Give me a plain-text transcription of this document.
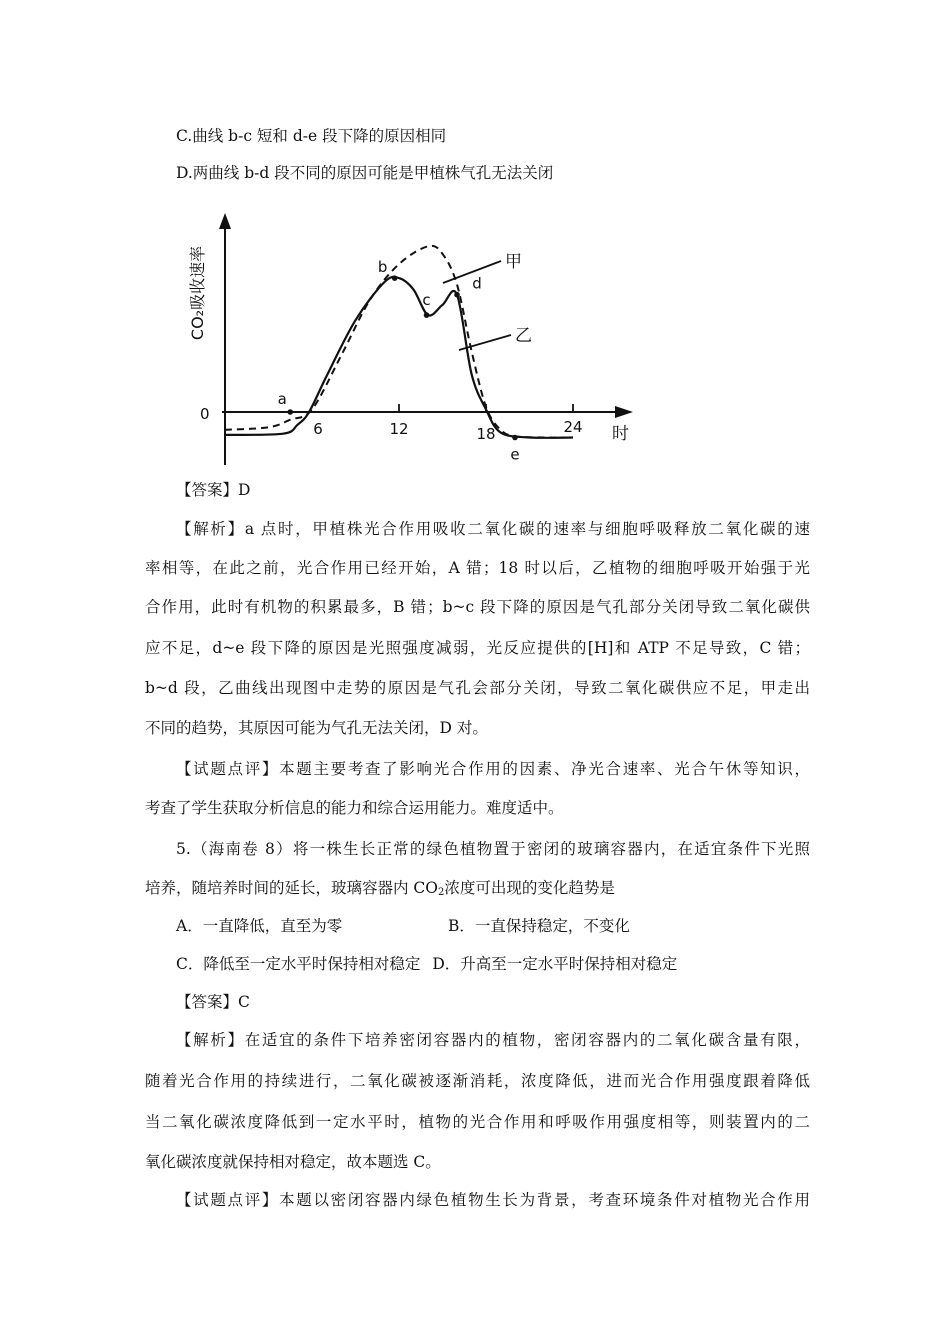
C.曲线 b-c 短和 d-e 段下降的原因相同
D.两曲线 b-d 段不同的原因可能是甲植株气孔无法关闭
6	12	18	24
a
b
c
d
e
甲
乙
0
时
CO₂吸收速率
【答案】D
【解析】a 点时，甲植株光合作用吸收二氧化碳的速率与细胞呼吸释放二氧化碳的速
率相等，在此之前，光合作用已经开始，A 错；18 时以后，乙植物的细胞呼吸开始强于光
合作用，此时有机物的积累最多，B 错；b~c 段下降的原因是气孔部分关闭导致二氧化碳供
应不足，d~e 段下降的原因是光照强度减弱，光反应提供的[H]和 ATP 不足导致，C 错；
b~d 段，乙曲线出现图中走势的原因是气孔会部分关闭，导致二氧化碳供应不足，甲走出
不同的趋势，其原因可能为气孔无法关闭，D 对。
【试题点评】本题主要考查了影响光合作用的因素、净光合速率、光合午休等知识，
考查了学生获取分析信息的能力和综合运用能力。难度适中。
5.（海南卷 8）将一株生长正常的绿色植物置于密闭的玻璃容器内，在适宜条件下光照
培养，随培养时间的延长，玻璃容器内 $CO_2$浓度可出现的变化趋势是
A．一直降低，直至为零	B．一直保持稳定，不变化
C．降低至一定水平时保持相对稳定 D．升高至一定水平时保持相对稳定
【答案】C
【解析】在适宜的条件下培养密闭容器内的植物，密闭容器内的二氧化碳含量有限，
随着光合作用的持续进行，二氧化碳被逐渐消耗，浓度降低，进而光合作用强度跟着降低
当二氧化碳浓度降低到一定水平时，植物的光合作用和呼吸作用强度相等，则装置内的二
氧化碳浓度就保持相对稳定，故本题选 C。
【试题点评】本题以密闭容器内绿色植物生长为背景，考查环境条件对植物光合作用
